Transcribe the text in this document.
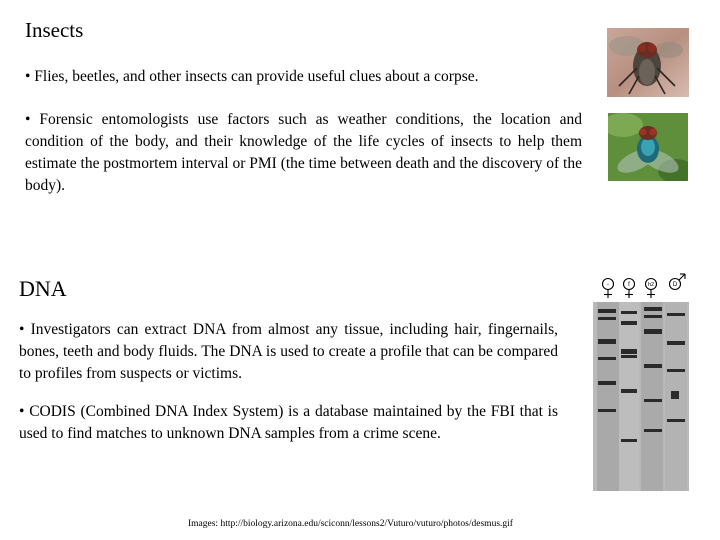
Insects
• Flies, beetles, and other insects can provide useful clues about a corpse.
• Forensic entomologists use factors such as weather conditions, the location and condition of the body, and their knowledge of the life cycles of insects to help them estimate the postmortem interval or PMI (the time between death and the discovery of the body).
DNA
• Investigators can extract DNA from almost any tissue, including hair, fingernails, bones, teeth and body fluids. The DNA is used to create a profile that can be compared to profiles from suspects or victims.
• CODIS (Combined DNA Index System) is a database maintained by the FBI that is used to find matches to unknown DNA samples from a crime scene.
-	f	h2	D
Images: http://biology.arizona.edu/sciconn/lessons2/Vuturo/vuturo/photos/desmus.gif
